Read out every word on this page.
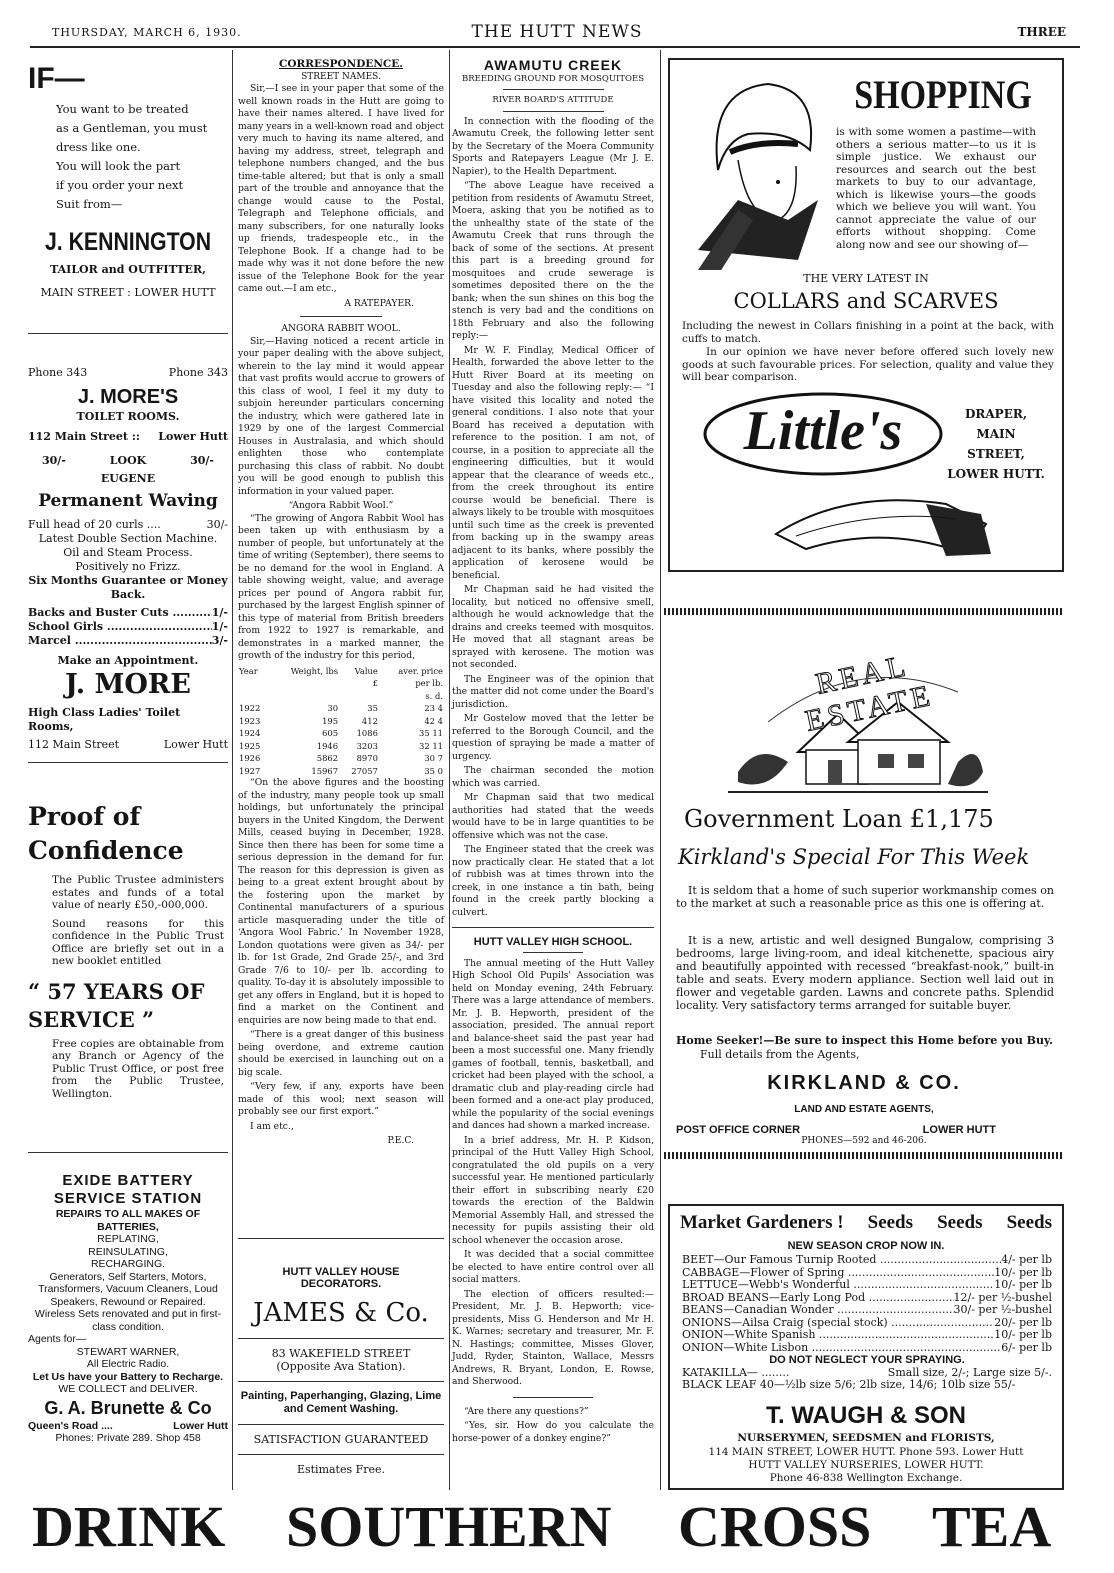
THURSDAY, MARCH 6, 1930.	THE HUTT NEWS	THREE
IF—
You want to be treated
as a Gentleman, you must
dress like one.
You will look the part
if you order your next
Suit from—
J. KENNINGTON
TAILOR and OUTFITTER,
MAIN STREET : LOWER HUTT
Phone 343	Phone 343
J. MORE'S
TOILET ROOMS.
112 Main Street :: Lower Hutt
30/-	LOOK	30/-
EUGENE
Permanent Waving
Full head of 20 curls ....	30/-
Latest Double Section Machine.
Oil and Steam Process.
Positively no Frizz.
Six Months Guarantee or Money Back.
Backs and Buster Cuts .....	1/-
School Girls .....	1/-
Marcel .....	3/-
Make an Appointment.
J. MORE
High Class Ladies' Toilet Rooms,
112 Main Street	Lower Hutt
Proof of
Confidence
The Public Trustee administers estates and funds of a total value of nearly £50,-000,000.
Sound reasons for this confidence in the Public Trust Office are briefly set out in a new booklet entitled
“ 57 YEARS OF
SERVICE ”
Free copies are obtainable from any Branch or Agency of the Public Trust Office, or post free from the Public Trustee, Wellington.
EXIDE BATTERY
SERVICE STATION
REPAIRS TO ALL MAKES OF BATTERIES,
REPLATING,
REINSULATING,
RECHARGING.
Generators, Self Starters, Motors, Transformers, Vacuum Cleaners, Loud Speakers, Rewound or Repaired.
Wireless Sets renovated and put in first-class condition.
Agents for—
STEWART WARNER,
All Electric Radio.
Let Us have your Battery to Recharge.
WE COLLECT and DELIVER.
G. A. Brunette & Co
Queen's Road ....	Lower Hutt
Phones: Private 289. Shop 458
CORRESPONDENCE.
STREET NAMES.

Sir,—I see in your paper that some of the well known roads in the Hutt are going to have their names altered. I have lived for many years in a well-known road and object very much to having its name altered, and having my address, street, telegraph and telephone numbers changed, and the bus time-table altered; but that is only a small part of the trouble and annoyance that the change would cause to the Postal, Telegraph and Telephone officials, and many subscribers, for one naturally looks up friends, tradespeople etc., in the Telephone Book. If a change had to be made why was it not done before the new issue of the Telephone Book for the year came out.—I am etc.,

A RATEPAYER.
ANGORA RABBIT WOOL.

Sir,—Having noticed a recent article in your paper dealing with the above subject, wherein to the lay mind it would appear that vast profits would accrue to growers of this class of wool, I feel it my duty to subjoin hereunder particulars concerning the industry, which were gathered late in 1929 by one of the largest Commercial Houses in Australasia, and which should enlighten those who contemplate purchasing this class of rabbit. No doubt you will be good enough to publish this information in your valued paper.

“Angora Rabbit Wool.”

“The growing of Angora Rabbit Wool has been taken up with enthusiasm by a number of people, but unfortunately at the time of writing (September), there seems to be no demand for the wool in England. A table showing weight, value, and average prices per pound of Angora rabbit fur, purchased by the largest English spinner of this type of material from British breeders from 1922 to 1927 is remarkable, and demonstrates in a marked manner, the growth of the industry for this period,

Year	Weight, lbs	Value	aver. price
		£	per lb.
			s. d.
1922	30	35	23 4
1923	195	412	42 4
1924	605	1086	35 11
1925	1946	3203	32 11
1926	5862	8970	30 7
1927	15967	27057	35 0

“On the above figures and the boosting of the industry, many people took up small holdings, but unfortunately the principal buyers in the United Kingdom, the Derwent Mills, ceased buying in December, 1928. Since then there has been for some time a serious depression in the demand for fur. The reason for this depression is given as being to a great extent brought about by the fostering upon the market by Continental manufacturers of a spurious article masquerading under the title of ‘Angora Wool Fabric.’ In November 1928, London quotations were given as 34/- per lb. for 1st Grade, 2nd Grade 25/-, and 3rd Grade 7/6 to 10/- per lb. according to quality. To-day it is absolutely impossible to get any offers in England, but it is hoped to find a market on the Continent and enquiries are now being made to that end.

“There is a great danger of this business being overdone, and extreme caution should be exercised in launching out on a big scale.

“Very few, if any, exports have been made of this wool; next season will probably see our first export.”

I am etc.,

P.E.C.
HUTT VALLEY HOUSE
DECORATORS.
JAMES & Co.
83 WAKEFIELD STREET
(Opposite Ava Station).
Painting, Paperhanging, Glazing, Lime and Cement Washing.
SATISFACTION GUARANTEED
Estimates Free.
AWAMUTU CREEK
BREEDING GROUND FOR MOSQUITOES
RIVER BOARD'S ATTITUDE

In connection with the flooding of the Awamutu Creek, the following letter sent by the Secretary of the Moera Community Sports and Ratepayers League (Mr J. E. Napier), to the Health Department.

“The above League have received a petition from residents of Awamutu Street, Moera, asking that you be notified as to the unhealthy state of the state of the Awamutu Creek that runs through the back of some of the sections. At present this part is a breeding ground for mosquitoes and crude sewerage is sometimes deposited there on the the bank; when the sun shines on this bog the stench is very bad and the conditions on 18th February and also the following reply:—

Mr W. F. Findlay, Medical Officer of Health, forwarded the above letter to the Hutt River Board at its meeting on Tuesday and also the following reply:— “I have visited this locality and noted the general conditions. I also note that your Board has received a deputation with reference to the position. I am not, of course, in a position to appreciate all the engineering difficulties, but it would appear that the clearance of weeds etc., from the creek throughout its entire course would be beneficial. There is always likely to be trouble with mosquitoes until such time as the creek is prevented from backing up in the swampy areas adjacent to its banks, where possibly the application of kerosene would be beneficial.

Mr Chapman said he had visited the locality, but noticed no offensive smell, although he would acknowledge that the drains and creeks teemed with mosquitos. He moved that all stagnant areas be sprayed with kerosene. The motion was not seconded.

The Engineer was of the opinion that the matter did not come under the Board's jurisdiction.

Mr Gostelow moved that the letter be referred to the Borough Council, and the question of spraying be made a matter of urgency.

The chairman seconded the motion which was carried.

Mr Chapman said that two medical authorities had stated that the weeds would have to be in large quantities to be offensive which was not the case.

The Engineer stated that the creek was now practically clear. He stated that a lot of rubbish was at times thrown into the creek, in one instance a tin bath, being found in the creek partly blocking a culvert.

HUTT VALLEY HIGH SCHOOL.

The annual meeting of the Hutt Valley High School Old Pupils' Association was held on Monday evening, 24th February. There was a large attendance of members. Mr. J. B. Hepworth, president of the association, presided. The annual report and balance-sheet said the past year had been a most successful one. Many friendly games of football, tennis, basketball, and cricket had been played with the school, a dramatic club and play-reading circle had been formed and a one-act play produced, while the popularity of the social evenings and dances had shown a marked increase.

In a brief address, Mr. H. P. Kidson, principal of the Hutt Valley High School, congratulated the old pupils on a very successful year. He mentioned particularly their effort in subscribing nearly £20 towards the erection of the Baldwin Memorial Assembly Hall, and stressed the necessity for pupils assisting their old school whenever the occasion arose.

It was decided that a social committee be elected to have entire control over all social matters.

The election of officers resulted:— President, Mr. J. B. Hepworth; vice-presidents, Miss G. Henderson and Mr H. K. Warnes; secretary and treasurer, Mr. F. N. Hastings; committee, Misses Glover, Judd, Ryder, Stainton, Wallace, Messrs Andrews, R. Bryant, London, E. Rowse, and Sherwood.

“Are there any questions?”

“Yes, sir. How do you calculate the horse-power of a donkey engine?”

SHOPPING
is with some women a pastime—with others a serious matter—to us it is simple justice. We exhaust our resources and search out the best markets to buy to our advantage, which is likewise yours—the goods which we believe you will want. You cannot appreciate the value of our efforts without shopping. Come along now and see our showing of—
THE VERY LATEST IN
COLLARS and SCARVES
Including the newest in Collars finishing in a point at the back, with cuffs to match.
In our opinion we have never before offered such lovely new goods at such favourable prices. For selection, quality and value they will bear comparison.
Little's	DRAPER,
MAIN STREET,
LOWER HUTT.
REAL ESTATE
Government Loan £1,175
Kirkland's Special For This Week

It is seldom that a home of such superior workmanship comes on to the market at such a reasonable price as this one is offering at.

It is a new, artistic and well designed Bungalow, comprising 3 bedrooms, large living-room, and ideal kitchenette, spacious airy and beautifully appointed with recessed “breakfast-nook,” built-in table and seats. Every modern appliance. Section well laid out in flower and vegetable garden. Lawns and concrete paths. Splendid locality. Very satisfactory terms arranged for suitable buyer.

Home Seeker!—Be sure to inspect this Home before you Buy.
Full details from the Agents,
KIRKLAND & CO.
LAND AND ESTATE AGENTS,
POST OFFICE CORNER	LOWER HUTT
PHONES—592 and 46-206.
Market Gardeners ! Seeds Seeds Seeds
NEW SEASON CROP NOW IN.
BEET—Our Famous Turnip Rooted .....	4/- per lb
CABBAGE—Flower of Spring .....	10/- per lb
LETTUCE—Webb's Wonderful .....	10/- per lb
BROAD BEANS—Early Long Pod .....	12/- per ½-bushel
BEANS—Canadian Wonder .....	30/- per ½-bushel
ONIONS—Ailsa Craig (special stock) .....	20/- per lb
ONION—White Spanish .....	10/- per lb
ONION—White Lisbon .....	6/- per lb
DO NOT NEGLECT YOUR SPRAYING.
KATAKILLA— ........	Small size, 2/-; Large size 5/-.
BLACK LEAF 40—½lb size 5/6; 2lb size, 14/6; 10lb size 55/-
T. WAUGH & SON
NURSERYMEN, SEEDSMEN and FLORISTS,
114 MAIN STREET, LOWER HUTT. Phone 593. Lower Hutt
HUTT VALLEY NURSERIES, LOWER HUTT.
Phone 46-838 Wellington Exchange.
DRINK SOUTHERN CROSS TEA
